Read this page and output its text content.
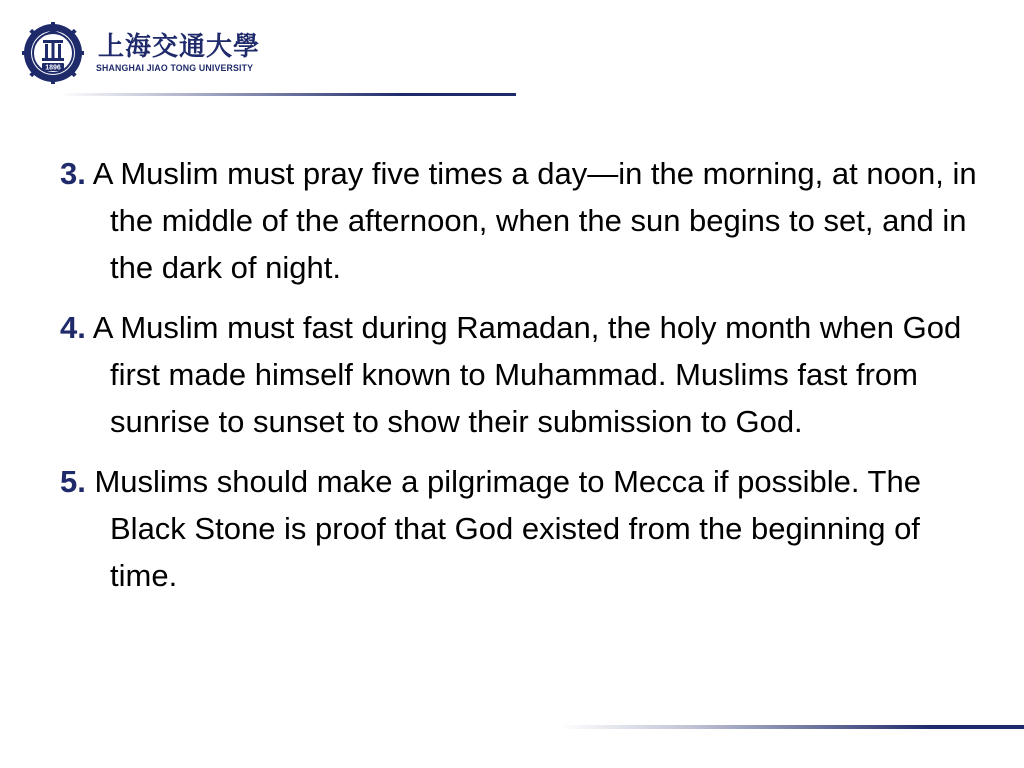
1896
上海交通大學
SHANGHAI JIAO TONG UNIVERSITY

3. A Muslim must pray five times a day—in the morning, at noon, in the middle of the afternoon, when the sun begins to set, and in the dark of night.

4. A Muslim must fast during Ramadan, the holy month when God first made himself known to Muhammad. Muslims fast from sunrise to sunset to show their submission to God.

5. Muslims should make a pilgrimage to Mecca if possible. The Black Stone is proof that God existed from the beginning of time.
